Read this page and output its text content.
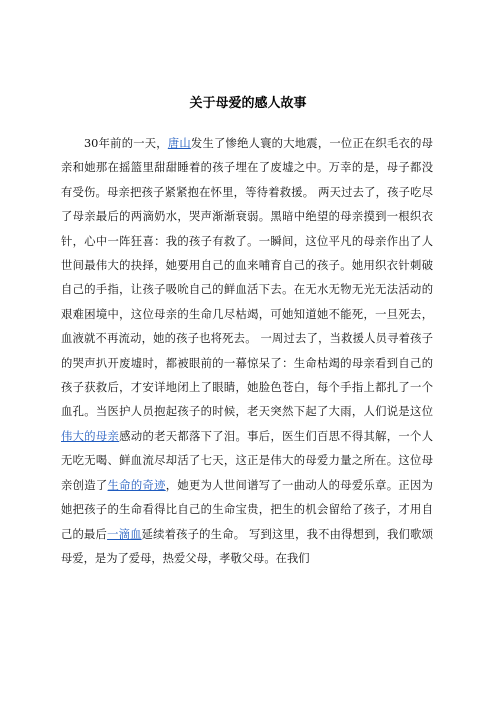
关于母爱的感人故事

30年前的一天，唐山发生了惨绝人寰的大地震，一位正在织毛衣的母亲和她那在摇篮里甜甜睡着的孩子埋在了废墟之中。万幸的是，母子都没有受伤。母亲把孩子紧紧抱在怀里，等待着救援。 两天过去了，孩子吃尽了母亲最后的两滴奶水，哭声渐渐衰弱。黑暗中绝望的母亲摸到一根织衣针，心中一阵狂喜：我的孩子有救了。一瞬间，这位平凡的母亲作出了人世间最伟大的抉择，她要用自己的血来哺育自己的孩子。她用织衣针刺破自己的手指，让孩子吸吮自己的鲜血活下去。在无水无物无光无法活动的艰难困境中，这位母亲的生命几尽枯竭，可她知道她不能死，一旦死去，血液就不再流动，她的孩子也将死去。 一周过去了，当救援人员寻着孩子的哭声扒开废墟时，都被眼前的一幕惊呆了：生命枯竭的母亲看到自己的孩子获救后，才安详地闭上了眼睛，她脸色苍白，每个手指上都扎了一个血孔。当医护人员抱起孩子的时候，老天突然下起了大雨，人们说是这位伟大的母亲感动的老天都落下了泪。事后，医生们百思不得其解，一个人无吃无喝、鲜血流尽却活了七天，这正是伟大的母爱力量之所在。这位母亲创造了生命的奇迹，她更为人世间谱写了一曲动人的母爱乐章。正因为她把孩子的生命看得比自己的生命宝贵，把生的机会留给了孩子，才用自己的最后一滴血延续着孩子的生命。 写到这里，我不由得想到，我们歌颂母爱，是为了爱母，热爱父母，孝敬父母。在我们
